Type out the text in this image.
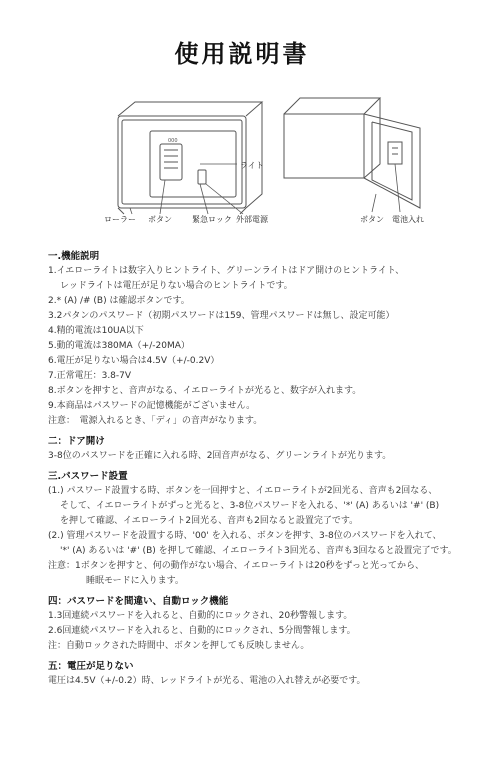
使用説明書
000
ライト
ローラー ボタン	緊急ロック 外部電源	ボタン 電池入れ

一.機能説明

1.イエローライトは数字入りヒントライト、グリーンライトはドア開けのヒントライト、
レッドライトは電圧が足りない場合のヒントライトです。
2.* (A) /# (B) は確認ボタンです。
3.2パタンのパスワード（初期パスワードは159、管理パスワードは無し、設定可能）
4.精的電流は10UA以下
5.動的電流は380MA（+/-20MA）
6.電圧が足りない場合は4.5V（+/-0.2V）
7.正常電圧：3.8-7V
8.ボタンを押すと、音声がなる、イエローライトが光ると、数字が入れます。
9.本商品はパスワードの記憶機能がございません。
注意：　電源入れるとき、「ディ」の音声がなります。

二：ドア開け

3-8位のパスワードを正確に入れる時、2回音声がなる、グリーンライトが光ります。

三.パスワード設置

(1.) パスワード設置する時、ボタンを一回押すと、イエローライトが2回光る、音声も2回なる、
そして、イエローライトがずっと光ると、3-8位パスワードを入れる、'*' (A) あるいは '#' (B)
を押して確認、イエローライト2回光る、音声も2回なると設置完了です。
(2.) 管理パスワードを設置する時、'00' を入れる、ボタンを押す、3-8位のパスワードを入れて、
'*' (A) あるいは '#' (B) を押して確認、イエローライト3回光る、音声も3回なると設置完了です。
注意：1ボタンを押すと、何の動作がない場合、イエローライトは20秒をずっと光ってから、
睡眠モードに入ります。

四：パスワードを間違い、自動ロック機能

1.3回連続パスワードを入れると、自動的にロックされ、20秒警報します。
2.6回連続パスワードを入れると、自動的にロックされ、5分間警報します。
注：自動ロックされた時間中、ボタンを押しても反映しません。

五：電圧が足りない

電圧は4.5V（+/-0.2）時、レッドライトが光る、電池の入れ替えが必要です。
